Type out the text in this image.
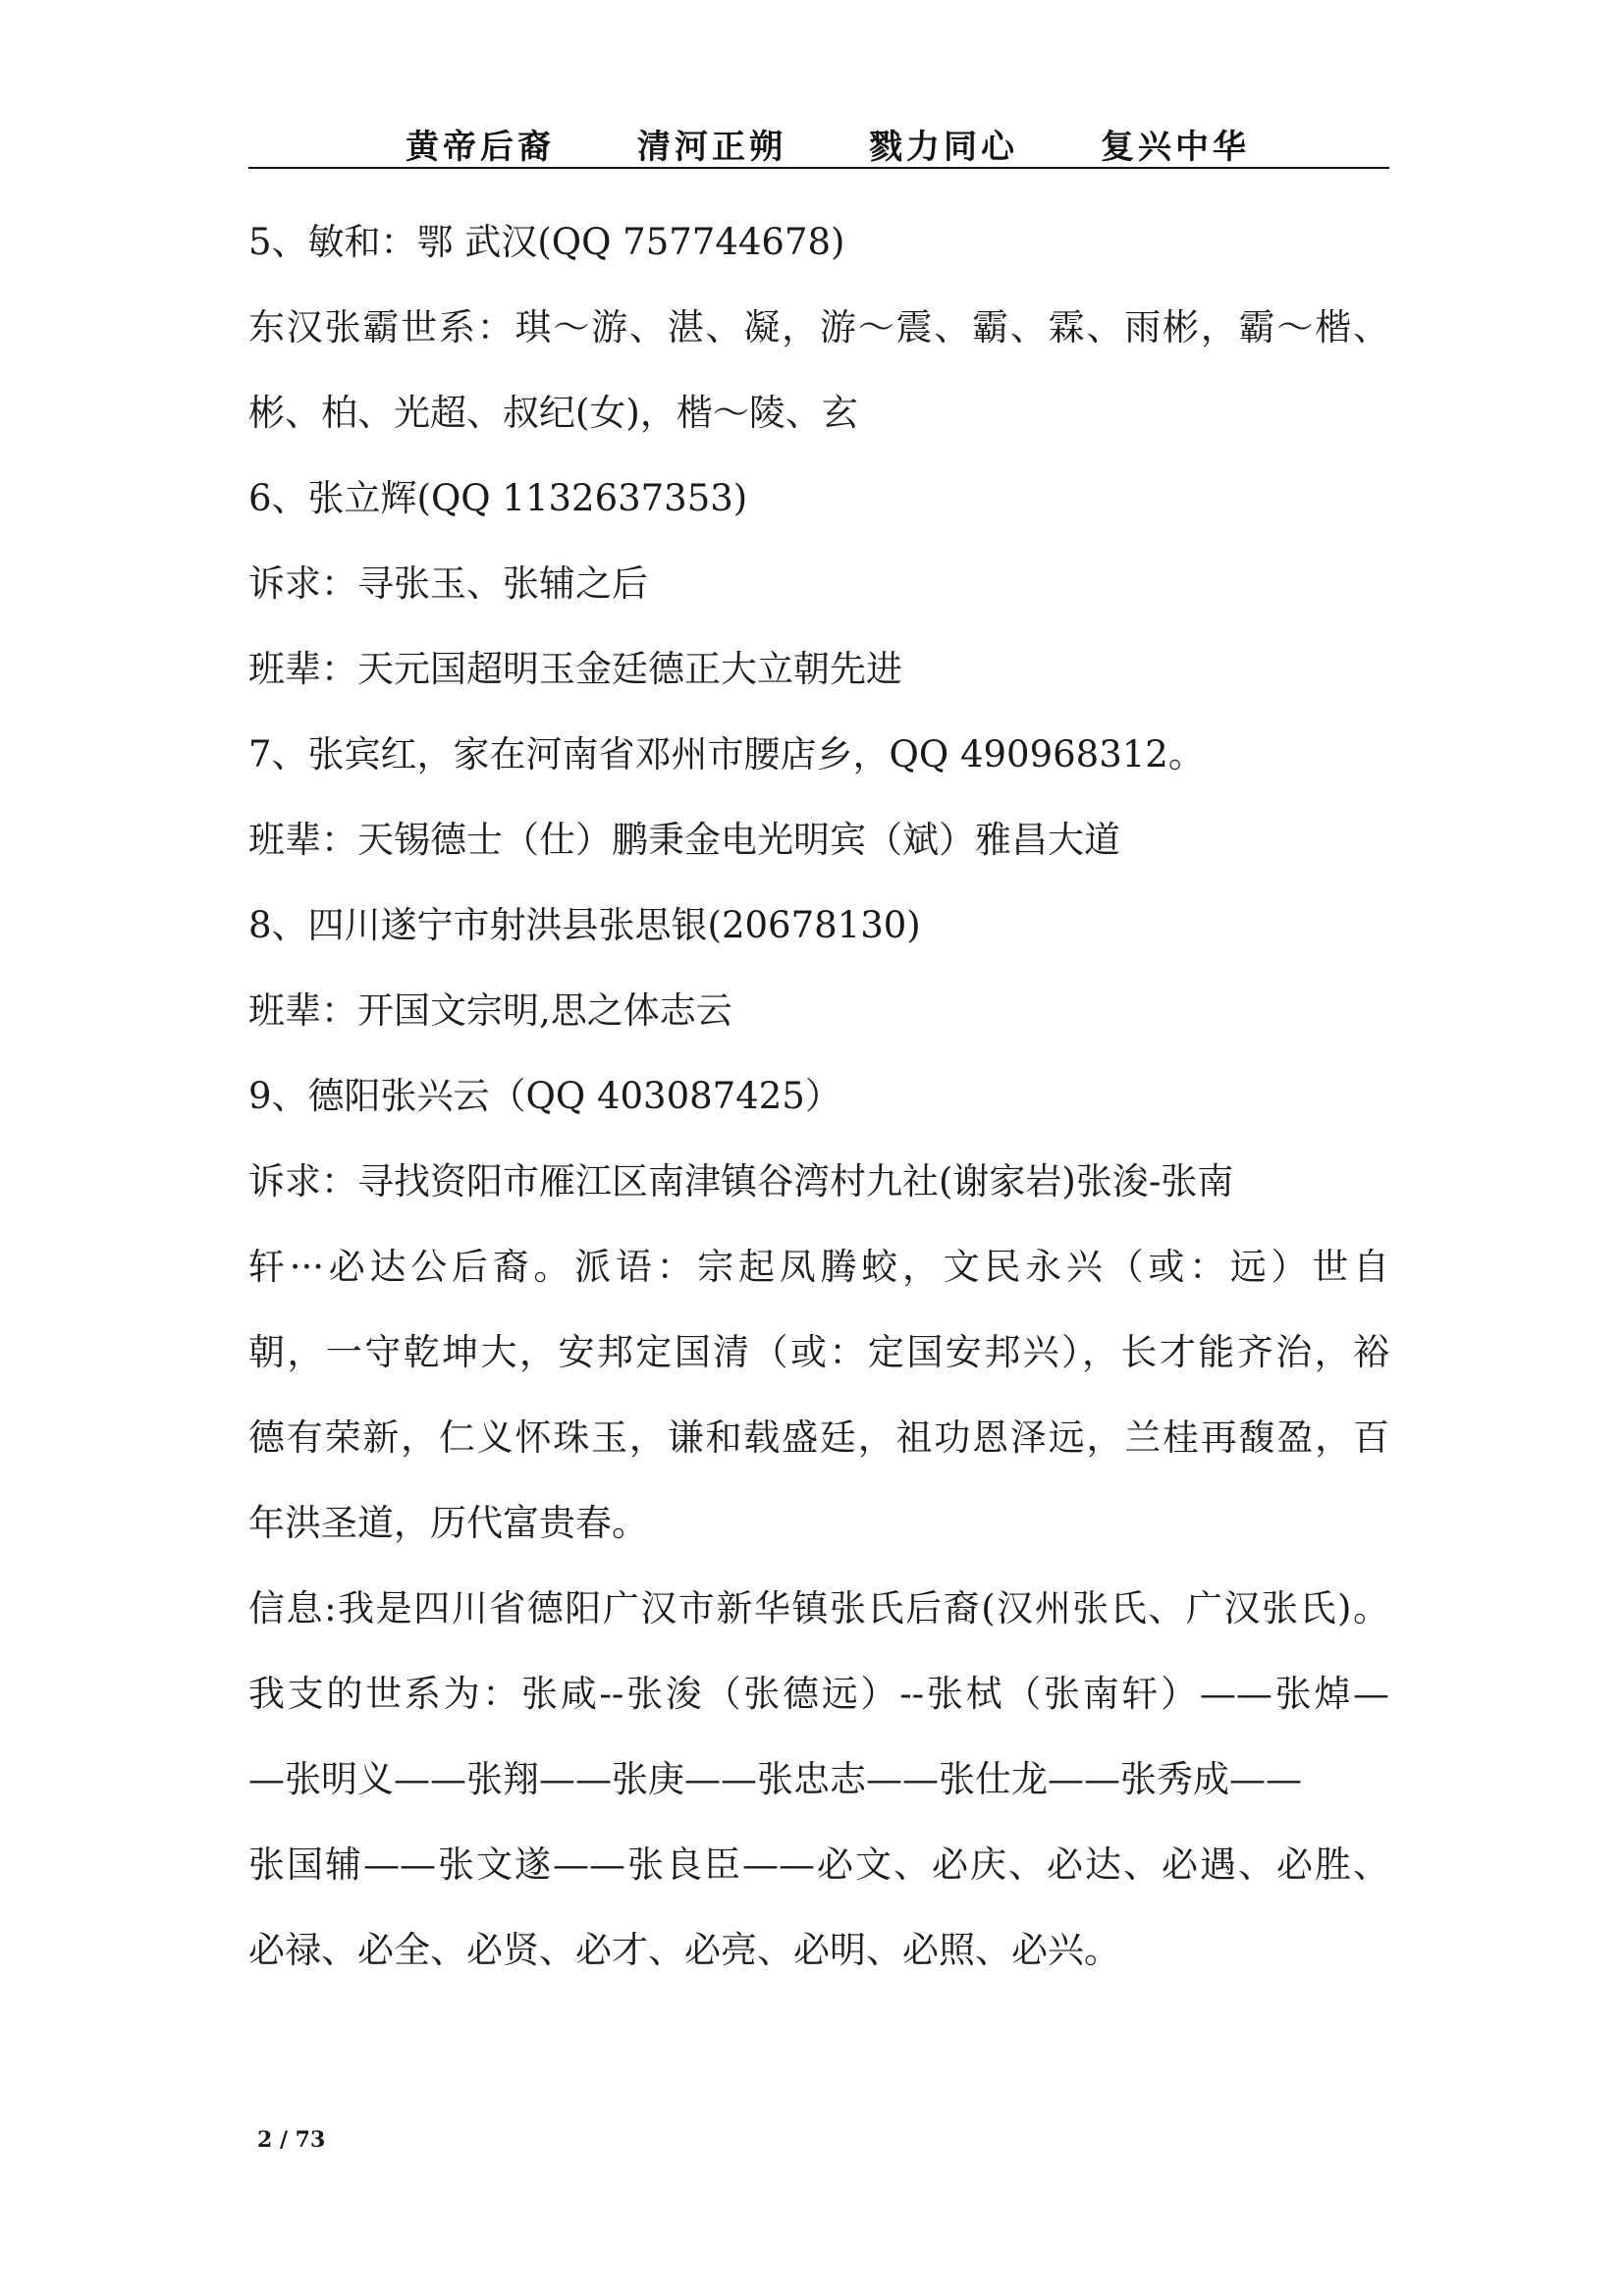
黄帝后裔 清河正朔 戮力同心 复兴中华
5、敏和：鄂 武汉(QQ 757744678)
东汉张霸世系：琪～游、湛、凝，游～震、霸、霖、雨彬，霸～楷、
彬、柏、光超、叔纪(女)，楷～陵、玄
6、张立辉(QQ 1132637353)
诉求：寻张玉、张辅之后
班辈：天元国超明玉金廷德正大立朝先进
7、张宾红，家在河南省邓州市腰店乡，QQ 490968312。
班辈：天锡德士（仕）鹏秉金电光明宾（斌）雅昌大道
8、四川遂宁市射洪县张思银(20678130)
班辈：开国文宗明,思之体志云
9、德阳张兴云（QQ 403087425）
诉求：寻找资阳市雁江区南津镇谷湾村九社(谢家岩)张浚-张南
轩···必达公后裔。派语：宗起凤腾蛟，文民永兴（或：远）世自
朝，一守乾坤大，安邦定国清（或：定国安邦兴），长才能齐治，裕
德有荣新，仁义怀珠玉，谦和载盛廷，祖功恩泽远，兰桂再馥盈，百
年洪圣道，历代富贵春。
信息:我是四川省德阳广汉市新华镇张氏后裔(汉州张氏、广汉张氏)。
我支的世系为：张咸--张浚（张德远）--张栻（张南轩）——张焯—
—张明义——张翔——张庚——张忠志——张仕龙——张秀成——
张国辅——张文遂——张良臣——必文、必庆、必达、必遇、必胜、
必禄、必全、必贤、必才、必亮、必明、必照、必兴。
2 / 73
